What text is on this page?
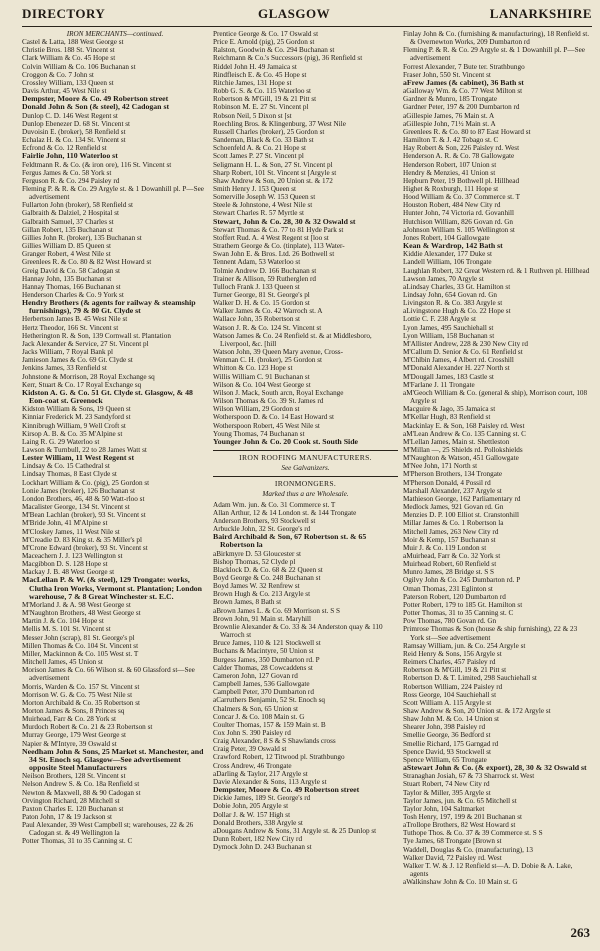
DIRECTORY	GLASGOW	LANARKSHIRE

IRON MERCHANTS—continued.

Castel & Latta, 188 West George st

Christie Bros. 188 St. Vincent st

Clark William & Co. 45 Hope st

Colvin William & Co. 106 Buchanan st

Croggon & Co. 7 John st

Crossley William, 133 Queen st

Davis Arthur, 45 West Nile st

Dempster, Moore & Co. 49 Robertson street

Donald John & Son (& steel), 42 Cadogan st

Dunlop C. D. 146 West Regent st

Dunlop Ebenezer D. 68 St. Vincent st

Duvoisin E. (broker), 58 Renfield st

Echalaz H. & Co. 134 St. Vincent st

Ecfrond & Co. 12 Renfield st

Fairlie John, 110 Waterloo st

Feldtmann R. & Co. (& iron ore), 116 St. Vincent st

Fergus James & Co. 58 York st

Ferguson R. & Co. 294 Paisley rd

Fleming P. & R. & Co. 29 Argyle st. & 1 Dowanhill pl. P—See advertisement

Fullarton John (broker), 58 Renfield st

Galbraith & Dalziel, 2 Hospital st

Galbraith Samuel, 37 Charles st

Gillan Robert, 135 Buchanan st

Gillies John R. (broker), 135 Buchanan st

Gillies William D. 85 Queen st

Granger Robert, 4 West Nile st

Greenlees R. & Co. 80 & 82 West Howard st

Greig David & Co. 58 Cadogan st

Hannay John, 135 Buchanan st

Hannay Thomas, 166 Buchanan st

Henderson Charles & Co. 9 York st

Hendry Brothers (& agents for railway & steamship furnishings), 79 & 80 Gt. Clyde st

Herbertson James B. 45 West Nile st

Hertz Theodor, 166 St. Vincent st

Hetherington R. & Son, 139 Cornwall st. Plantation

Jack Alexander & Service, 27 St. Vincent pl

Jacks William, 7 Royal Bank pl

Jamieson James & Co. 69 Gt. Clyde st

Jenkins James, 33 Renfield st

Johnstone & Morrison, 28 Royal Exchange sq

Kerr, Stuart & Co. 17 Royal Exchange sq

Kidston A. G. & Co. 51 Gt. Clyde st. Glasgow, & 48 Eon-coat st. Greenock

Kidston William & Sons, 19 Queen st

Kinniar Frederick M. 23 Sandyford st

Kinnibrugh William, 9 Well Croft st

Kirsop A. B. & Co. 35 M'Alpine st

Laing R. G. 29 Waterloo st

Lawson & Turnbull, 22 to 28 James Watt st

Lester William, 11 West Regent st

Lindsay & Co. 15 Cathedral st

Lindsay Thomas, 8 East Clyde st

Lockhart William & Co. (pig), 25 Gordon st

Lonie James (broker), 126 Buchanan st

London Brothers, 46, 48 & 50 Watt-rloo st

Macalister George, 134 St. Vincent st

M'Bean Lachlan (broker), 93 St. Vincent st

M'Bride John, 41 M'Alpine st

M'Closkey James, 11 West Nile st

M'Creadie D. 83 King st. & 35 Miller's pl

M'Crone Edward (broker), 93 St. Vincent st

Maceachern J. J. 123 Wellington st

Macgibbon D. S. 128 Hope st

Mackay J. B. 48 West George st

MacLellan P. & W. (& steel), 129 Trongate: works, Clutha Iron Works, Vermont st. Plantation; London warehouse, 7 & 8 Great Winchester st. E.C.

M'Morland J. & A. 98 West George st

M'Naughton Brothers, 48 West George st

Martin J. & Co. 104 Hope st

Mellis M. S. 101 St. Vincent st

Messer John (scrap), 81 St. George's pl

Millen Thomas & Co. 104 St. Vincent st

Miller, Mackinnon & Co. 105 West st. T

Mitchell James, 45 Union st

Morison James & Co. 66 Wilson st. & 60 Glassford st—See advertisement

Morris, Warden & Co. 157 St. Vincent st

Morrison W. G. & Co. 75 West Nile st

Morton Archibald & Co. 35 Robertson st

Morton James & Sons, 8 Princes sq

Muirhead, Farr & Co. 28 York st

Murdoch Robert & Co. 21 & 23 Robertson st

Murray George, 179 West George st

Napier & M'Intyre, 39 Oswald st

Needham John & Sons, 25 Market st. Manchester, and 34 St. Enoch sq. Glasgow—See advertisement opposite Steel Manufacturers

Neilson Brothers, 128 St. Vincent st

Nelson Andrew S. & Co. 18a Renfield st

Newton & Maxwell, 88 & 90 Cadogan st

Orvington Richard, 28 Mitchell st

Paxton Charles E. 120 Buchanan st

Paton John, 17 & 19 Jackson st

Paul Alexander, 39 West Campbell st; warehouses, 22 & 26 Cadogan st. & 49 Wellington la

Potter Thomas, 31 to 35 Canning st. C

Prentice George & Co. 17 Oswald st

Price E. Arnold (pig), 25 Gordon st

Ralston, Goodwin & Co. 294 Buchanan st

Reichmann & Co.'s Successors (pig), 36 Renfield st

Riddel John H. 49 Jamaica st

Rindfleisch E. & Co. 45 Hope st

Ritchie James, 131 Hope st

Robb G. S. & Co. 115 Waterloo st

Robertson & M'Gill, 19 & 21 Pitt st

Robinson M. E. 27 St. Vincent pl

Robson Neil, 5 Dixon st [st

Roechling Bros. & Klingenburg, 37 West Nile

Russell Charles (broker), 25 Gordon st

Sandeman, Black & Co. 33 Bath st

Schoenfeld A. & Co. 21 Hope st

Scott James P. 27 St. Vincent pl

Seligmann H. L. & Son, 27 St. Vincent pl

Sharp Robert, 101 St. Vincent st [Argyle st

Shaw Andrew & Son, 20 Union st. & 172

Smith Henry J. 153 Queen st

Somerville Joseph W. 153 Queen st

Steele & Johnstone, 4 West Nile st

Stewart Charles R. 57 Myrtle st

Stewart, John & Co. 28, 30 & 32 Oswald st

Stewart Thomas & Co. 77 to 81 Hyde Park st

Stoffert Rud. A. 4 West Regent st [loo st

Strathern George & Co. (tinplate), 113 Water-

Swan John E. & Bros. Ltd. 26 Bothwell st

Tennent Adam, 53 Waterloo st

Tolmie Andrew D. 166 Buchanan st

Trainer & Allison, 59 Rutherglen rd

Tulloch Frank J. 133 Queen st

Turner George, 81 St. George's pl

Walker D. H. & Co. 15 Gordon st

Walker James & Co. 42 Warroch st. A

Wallace John, 35 Robertson st

Watson J. R. & Co. 124 St. Vincent st

Watson James & Co. 24 Renfield st. & at Middlesboro, Liverpool, &c. [hill

Watson John, 39 Queen Mary avenue, Cross-

Wenman C. H. (broker), 25 Gordon st

Whitton & Co. 123 Hope st

Willis William C. 91 Buchanan st

Wilson & Co. 104 West George st

Wilson J. Mack, South arcn, Royal Exchange

Wilson Thomas & Co. 39 St. James rd

Wilson William, 29 Gordon st

Wotherspoon D. & Co. 14 East Howard st

Wotherspoon Robert, 45 West Nile st

Young Thomas, 74 Buchanan st

Younger John & Co. 20 Cook st. South Side

IRON ROOFING MANUFACTURERS.

See Galvanizers.

IRONMONGERS.

Marked thus a are Wholesale.

Adam Wm. jun. & Co. 31 Commerce st. T

Allan Arthur, 12 & 14 London st. & 144 Trongate

Anderson Brothers, 93 Stockwell st

Arbuckle John, 32 St. George's rd

Baird Archibald & Son, 67 Robertson st. & 65 Robertson la

aBirkmyre D. 53 Gloucester st

Bishop Thomas, 52 Clyde pl

Blacklock D. & Co. 68 & 22 Queen st

Boyd George & Co. 248 Buchanan st

Boyd James W. 32 Renfrew st

Brown Hugh & Co. 213 Argyle st

Brown James, 8 Bath st

aBrown James L. & Co. 69 Morrison st. S S

Brown John, 91 Main st. Maryhill

Brownlie Alexander & Co. 33 & 34 Anderston quay & 110 Warroch st

Bruce James, 110 & 121 Stockwell st

Buchans & Macintyre, 50 Union st

Burgess James, 350 Dumbarton rd. P

Calder Thomas, 28 Cowcaddens st

Cameron John, 127 Govan rd

Campbell James, 536 Gallowgate

Campbell Peter, 370 Dumbarton rd

aCarruthers Benjamin, 52 St. Enoch sq

Chalmers & Son, 65 Union st

Concar J. & Co. 108 Main st. G

Coulter Thomas, 157 & 159 Main st. B

Cox John S. 390 Paisley rd

Craig Alexander, 8 S & S Shawlands cross

Craig Peter, 39 Oswald st

Crawford Robert, 12 Titwood pl. Strathbungo

Cross Andrew, 46 Trongate

aDarling & Taylor, 217 Argyle st

Davie Alexander & Sons, 113 Argyle st

Dempster, Moore & Co. 49 Robertson street

Dickie James, 189 St. George's rd

Dobie John, 205 Argyle st

Dollar J. & W. 157 High st

Donald Brothers, 338 Argyle st

aDougans Andrew & Sons, 31 Argyle st. & 25 Dunlop st

Dunn Robert, 182 New City rd

Dymock John D. 243 Buchanan st

Finlay John & Co. (furnishing & manufacturing), 18 Renfield st. & Overnewton Works, 209 Dumbarton rd

Fleming P. & R. & Co. 29 Argyle st. & 1 Dowanhill pl. P—See advertisement

Forrest Alexander, 7 Bute ter. Strathbungo

Fraser John, 550 St. Vincent st

aFrew James (& cabinet), 36 Bath st

aGalloway Wm. & Co. 77 West Milton st

Gardner & Munro, 185 Trongate

Gardner Peter, 197 & 200 Dumbarton rd

aGillespie James, 76 Main st. A

aGillespie John, 71½ Main st. A

Greenlees R. & Co. 80 to 87 East Howard st

Hamilton T. & J. 42 Tobago st. C

Hay Robert & Son, 226 Paisley rd. West

Henderson A. R. & Co. 78 Gallowgate

Henderson Robert, 107 Union st

Hendry & Menzies, 41 Union st

Hepburn Peter, 19 Bothwell pl. Hillhead

Highet & Roxburgh, 111 Hope st

Hood William & Co. 37 Commerce st. T

Houston Robert, 484 New City rd

Hunter John, 74 Victoria rd. Govanhill

Hutchison William, 826 Govan rd. Gn

aJohnson William S. 105 Wellington st

Jones Robert, 104 Gallowgate

Kean & Wardrop, 142 Bath st

Kiddie Alexander, 177 Duke st

Landell William, 106 Trongate

Laughlan Robert, 32 Great Western rd. & 1 Ruthven pl. Hillhead

Lawson James, 70 Argyle st

aLindsay Charles, 33 Gt. Hamilton st

Lindsay John, 654 Govan rd. Gn

Livingston R. & Co. 383 Argyle st

aLivingstone Hugh & Co. 22 Hope st

Lottie C. F. 238 Argyle st

Lyon James, 495 Sauchiehall st

Lyon William, 158 Buchanan st

M'Allister Andrew, 228 & 230 New City rd

M'Callum D. Senior & Co. 61 Renfield st

M'Chlbin James, 4 Albert rd. Crosshill

M'Donald Alexander H. 227 North st

M'Dougall James, 183 Castle st

M'Farlane J. 11 Trongate

aM'Geoch William & Co. (general & ship), Morrison court, 108 Argyle st

Macguire & Jago, 35 Jamaica st

M'Kellar Hugh, 83 Renfield st

Mackinlay E. & Son, 168 Paisley rd. West

aM'Lean Andrew & Co. 135 Canning st. C

M'Lellan James, Main st. Shettleston

M'Millan —, 25 Shields rd. Pollokshields

M'Naughton & Watson, 451 Gallowgate

M'Nee John, 171 North st

M'Pherson Brothers, 134 Trongate

M'Pherson Donald, 4 Possil rd

Marshall Alexander, 237 Argyle st

Mathieson George, 162 Parliamentary rd

Medlock James, 921 Govan rd. Gn

Menzies D. P. 100 Elliot st. Cranstonhill

Millar James & Co. 1 Robertson la

Mitchell James, 263 New City rd

Moir & Kemp, 157 Buchanan st

Muir J. & Co. 119 London st

aMuirhead, Farr & Co. 32 York st

Muirhead Robert, 60 Renfield st

Munro James, 28 Bridge st. S S

Ogilvy John & Co. 245 Dumbarton rd. P

Oman Thomas, 231 Eglinton st

Paterson Robert, 120 Dumbarton rd

Potter Robert, 179 to 185 Gt. Hamilton st

Potter Thomas, 31 to 35 Canning st. C

Pow Thomas, 780 Govan rd. Gn

Primrose Thomas & Son (house & ship furnishing), 22 & 23 York st—See advertisement

Ramsay William, jun. & Co. 254 Argyle st

Reid Henry & Sons, 156 Argyle st

Reimers Charles, 457 Paisley rd

Robertson & M'Gill, 19 & 21 Pitt st

Robertson D. & T. Limited, 298 Sauchiehall st

Robertson William, 224 Paisley rd

Ross George, 104 Sauchiehall st

Scott William A. 115 Argyle st

Shaw Andrew & Son, 20 Union st. & 172 Argyle st

Shaw John M. & Co. 14 Union st

Shearer John, 398 Paisley rd

Smellie George, 36 Bedford st

Smellie Richard, 175 Garngad rd

Spence David, 93 Stockwell st

Spence William, 65 Trongate

aStewart John & Co. (& export), 28, 30 & 32 Oswald st

Stranaghan Josiah, 67 & 73 Sharrock st. West

Stuart Robert, 74 New City rd

Taylor & Miller, 395 Argyle st

Taylor James, jun. & Co. 65 Mitchell st

Taylor John, 104 Saltmarket

Tosh Henry, 197, 199 & 201 Buchanan st

aTrollope Brothers, 82 West Howard st

Tuthope Thos. & Co. 37 & 39 Commerce st. S S

Tye James, 68 Trongate [Brown st

Waddell, Douglas & Co. (manufacturing), 13

Walker David, 72 Paisley rd. West

Walker T. W. & J. 12 Renfield st—A. D. Dobie & A. Lake, agents

aWalkinshaw John & Co. 10 Main st. G

263
